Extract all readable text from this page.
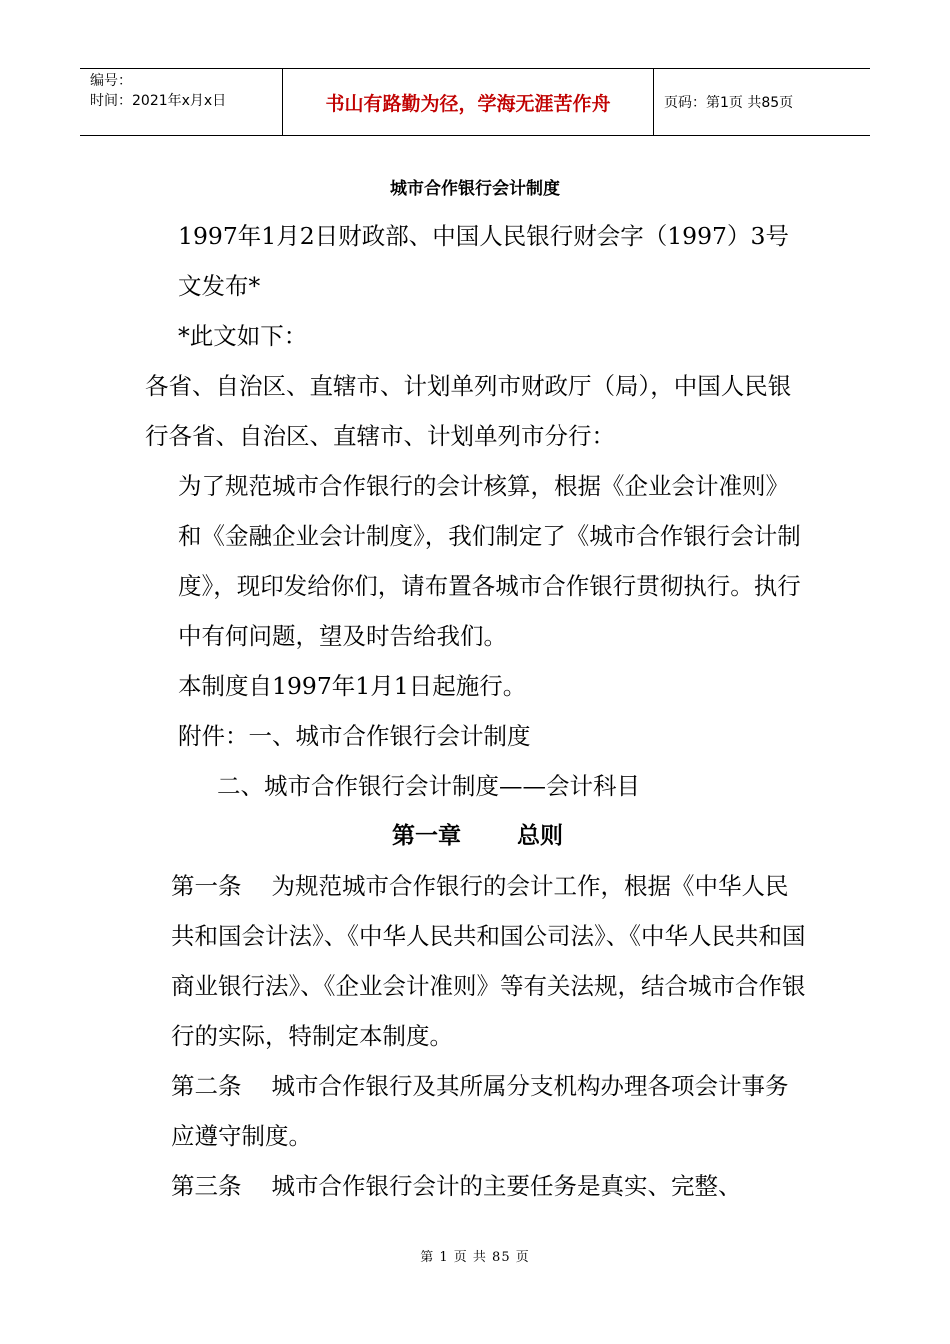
编号：
时间：2021年x月x日	书山有路勤为径，学海无涯苦作舟	页码：第1页 共85页
城市合作银行会计制度

1997年1月2日财政部、中国人民银行财会字（1997）3号文发布*

*此文如下：

各省、自治区、直辖市、计划单列市财政厅（局），中国人民银行各省、自治区、直辖市、计划单列市分行：

为了规范城市合作银行的会计核算，根据《企业会计准则》和《金融企业会计制度》，我们制定了《城市合作银行会计制度》，现印发给你们，请布置各城市合作银行贯彻执行。执行中有何问题，望及时告给我们。

本制度自1997年1月1日起施行。

附件：一、城市合作银行会计制度

二、城市合作银行会计制度——会计科目

第一章 总则

第一条 为规范城市合作银行的会计工作，根据《中华人民共和国会计法》、《中华人民共和国公司法》、《中华人民共和国商业银行法》、《企业会计准则》等有关法规，结合城市合作银行的实际，特制定本制度。

第二条 城市合作银行及其所属分支机构办理各项会计事务应遵守制度。

第三条 城市合作银行会计的主要任务是真实、完整、

第 1 页 共 85 页
